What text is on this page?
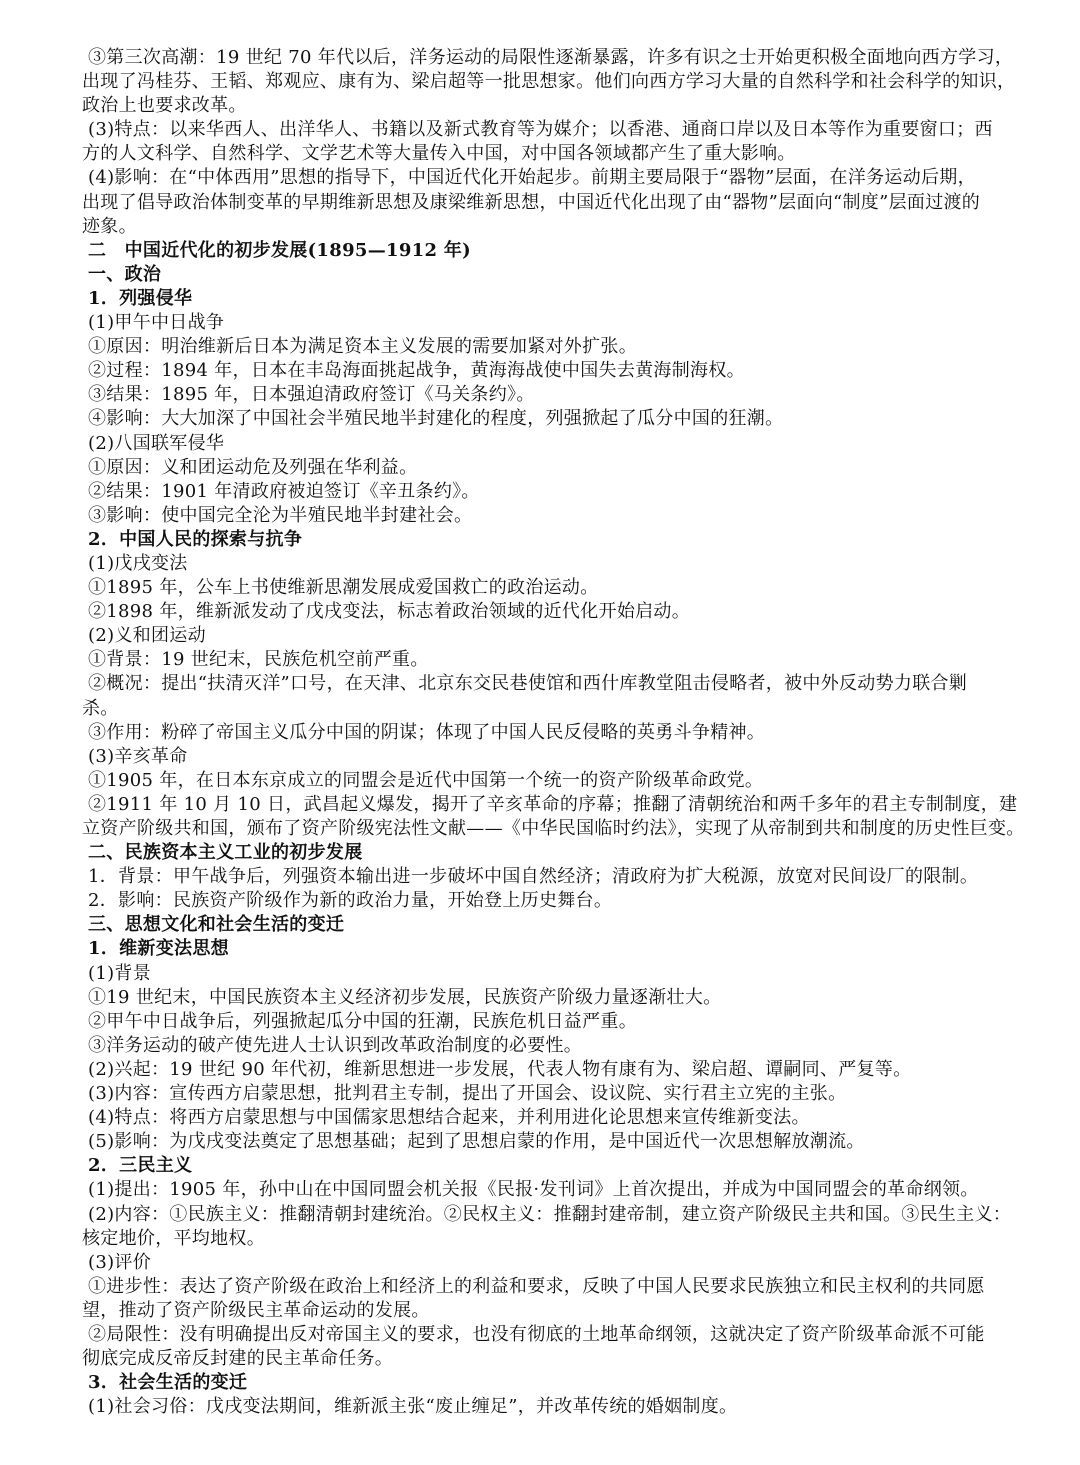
③第三次高潮：19 世纪 70 年代以后，洋务运动的局限性逐渐暴露，许多有识之士开始更积极全面地向西方学习，
出现了冯桂芬、王韬、郑观应、康有为、梁启超等一批思想家。他们向西方学习大量的自然科学和社会科学的知识，
政治上也要求改革。
(3)特点：以来华西人、出洋华人、书籍以及新式教育等为媒介；以香港、通商口岸以及日本等作为重要窗口；西
方的人文科学、自然科学、文学艺术等大量传入中国，对中国各领域都产生了重大影响。
(4)影响：在“中体西用”思想的指导下，中国近代化开始起步。前期主要局限于“器物”层面，在洋务运动后期，
出现了倡导政治体制变革的早期维新思想及康梁维新思想，中国近代化出现了由“器物”层面向“制度”层面过渡的
迹象。
二　中国近代化的初步发展(1895—1912 年)
一、政治
1．列强侵华
(1)甲午中日战争
①原因：明治维新后日本为满足资本主义发展的需要加紧对外扩张。
②过程：1894 年，日本在丰岛海面挑起战争，黄海海战使中国失去黄海制海权。
③结果：1895 年，日本强迫清政府签订《马关条约》。
④影响：大大加深了中国社会半殖民地半封建化的程度，列强掀起了瓜分中国的狂潮。
(2)八国联军侵华
①原因：义和团运动危及列强在华利益。
②结果：1901 年清政府被迫签订《辛丑条约》。
③影响：使中国完全沦为半殖民地半封建社会。
2．中国人民的探索与抗争
(1)戊戌变法
①1895 年，公车上书使维新思潮发展成爱国救亡的政治运动。
②1898 年，维新派发动了戊戌变法，标志着政治领域的近代化开始启动。
(2)义和团运动
①背景：19 世纪末，民族危机空前严重。
②概况：提出“扶清灭洋”口号，在天津、北京东交民巷使馆和西什库教堂阻击侵略者，被中外反动势力联合剿
杀。
③作用：粉碎了帝国主义瓜分中国的阴谋；体现了中国人民反侵略的英勇斗争精神。
(3)辛亥革命
①1905 年，在日本东京成立的同盟会是近代中国第一个统一的资产阶级革命政党。
②1911 年 10 月 10 日，武昌起义爆发，揭开了辛亥革命的序幕；推翻了清朝统治和两千多年的君主专制制度，建
立资产阶级共和国，颁布了资产阶级宪法性文献——《中华民国临时约法》，实现了从帝制到共和制度的历史性巨变。
二、民族资本主义工业的初步发展
1．背景：甲午战争后，列强资本输出进一步破坏中国自然经济；清政府为扩大税源，放宽对民间设厂的限制。
2．影响：民族资产阶级作为新的政治力量，开始登上历史舞台。
三、思想文化和社会生活的变迁
1．维新变法思想
(1)背景
①19 世纪末，中国民族资本主义经济初步发展，民族资产阶级力量逐渐壮大。
②甲午中日战争后，列强掀起瓜分中国的狂潮，民族危机日益严重。
③洋务运动的破产使先进人士认识到改革政治制度的必要性。
(2)兴起：19 世纪 90 年代初，维新思想进一步发展，代表人物有康有为、梁启超、谭嗣同、严复等。
(3)内容：宣传西方启蒙思想，批判君主专制，提出了开国会、设议院、实行君主立宪的主张。
(4)特点：将西方启蒙思想与中国儒家思想结合起来，并利用进化论思想来宣传维新变法。
(5)影响：为戊戌变法奠定了思想基础；起到了思想启蒙的作用，是中国近代一次思想解放潮流。
2．三民主义
(1)提出：1905 年，孙中山在中国同盟会机关报《民报·发刊词》上首次提出，并成为中国同盟会的革命纲领。
(2)内容：①民族主义：推翻清朝封建统治。②民权主义：推翻封建帝制，建立资产阶级民主共和国。③民生主义：
核定地价，平均地权。
(3)评价
①进步性：表达了资产阶级在政治上和经济上的利益和要求，反映了中国人民要求民族独立和民主权利的共同愿
望，推动了资产阶级民主革命运动的发展。
②局限性：没有明确提出反对帝国主义的要求，也没有彻底的土地革命纲领，这就决定了资产阶级革命派不可能
彻底完成反帝反封建的民主革命任务。
3．社会生活的变迁
(1)社会习俗：戊戌变法期间，维新派主张“废止缠足”，并改革传统的婚姻制度。
